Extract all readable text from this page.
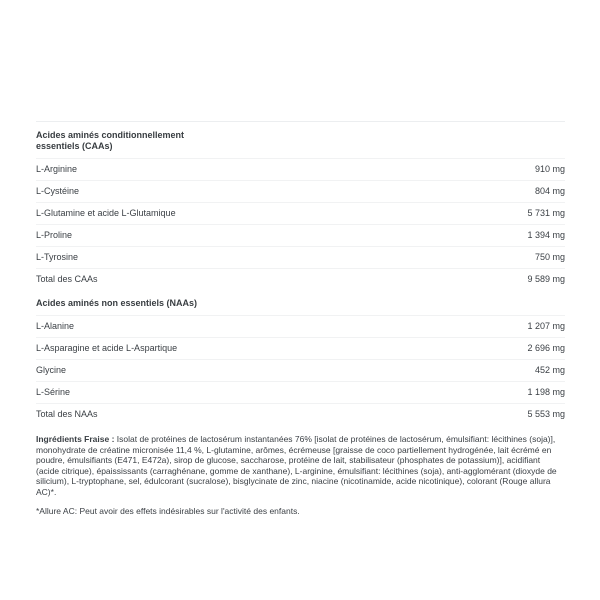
Acides aminés conditionnellement essentiels (CAAs)
L-Arginine	910 mg
L-Cystéine	804 mg
L-Glutamine et acide L-Glutamique	5 731 mg
L-Proline	1 394 mg
L-Tyrosine	750 mg
Total des CAAs	9 589 mg
Acides aminés non essentiels (NAAs)
L-Alanine	1 207 mg
L-Asparagine et acide L-Aspartique	2 696 mg
Glycine	452 mg
L-Sérine	1 198 mg
Total des NAAs	5 553 mg

Ingrédients Fraise : Isolat de protéines de lactosérum instantanées 76% [isolat de protéines de lactosérum, émulsifiant: lécithines (soja)], monohydrate de créatine micronisée 11,4 %, L-glutamine, arômes, écrémeuse [graisse de coco partiellement hydrogénée, lait écrémé en poudre, émulsifiants (E471, E472a), sirop de glucose, saccharose, protéine de lait, stabilisateur (phosphates de potassium)], acidifiant (acide citrique), épaississants (carraghénane, gomme de xanthane), L-arginine, émulsifiant: lécithines (soja), anti-agglomérant (dioxyde de silicium), L-tryptophane, sel, édulcorant (sucralose), bisglycinate de zinc, niacine (nicotinamide, acide nicotinique), colorant (Rouge allura AC)*.

*Allure AC: Peut avoir des effets indésirables sur l'activité des enfants.
